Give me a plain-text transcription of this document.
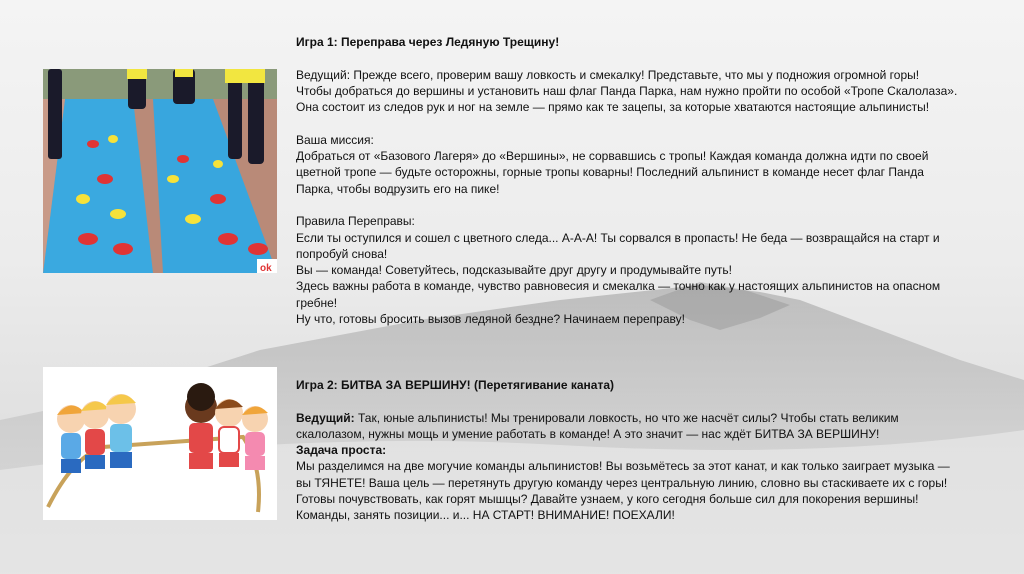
ok

Игра 1: Переправа через Ледяную Трещину!

Ведущий: Прежде всего, проверим вашу ловкость и смекалку! Представьте, что мы у подножия огромной горы!

Чтобы добраться до вершины и установить наш флаг Панда Парка, нам нужно пройти по особой «Тропе Скалолаза».

Она состоит из следов рук и ног на земле — прямо как те зацепы, за которые хватаются настоящие альпинисты!

Ваша миссия:

Добраться от «Базового Лагеря» до «Вершины», не сорвавшись с тропы! Каждая команда должна идти по своей

цветной тропе — будьте осторожны, горные тропы коварны! Последний альпинист в команде несет флаг Панда

Парка, чтобы водрузить его на пике!

Правила Переправы:

Если ты оступился и сошел с цветного следа... А-А-А! Ты сорвался в пропасть! Не беда — возвращайся на старт и

попробуй снова!

Вы — команда! Советуйтесь, подсказывайте друг другу и продумывайте путь!

Здесь важны работа в команде, чувство равновесия и смекалка — точно как у настоящих альпинистов на опасном

гребне!

Ну что, готовы бросить вызов ледяной бездне? Начинаем переправу!

Игра 2: БИТВА ЗА ВЕРШИНУ! (Перетягивание каната)

Ведущий: Так, юные альпинисты! Мы тренировали ловкость, но что же насчёт силы? Чтобы стать великим

скалолазом, нужны мощь и умение работать в команде! А это значит — нас ждёт БИТВА ЗА ВЕРШИНУ!

Задача проста:

Мы разделимся на две могучие команды альпинистов! Вы возьмётесь за этот канат, и как только заиграет музыка —

вы ТЯНЕТЕ! Ваша цель — перетянуть другую команду через центральную линию, словно вы стаскиваете их с горы!

Готовы почувствовать, как горят мышцы? Давайте узнаем, у кого сегодня больше сил для покорения вершины!

Команды, занять позиции... и... НА СТАРТ! ВНИМАНИЕ! ПОЕХАЛИ!
